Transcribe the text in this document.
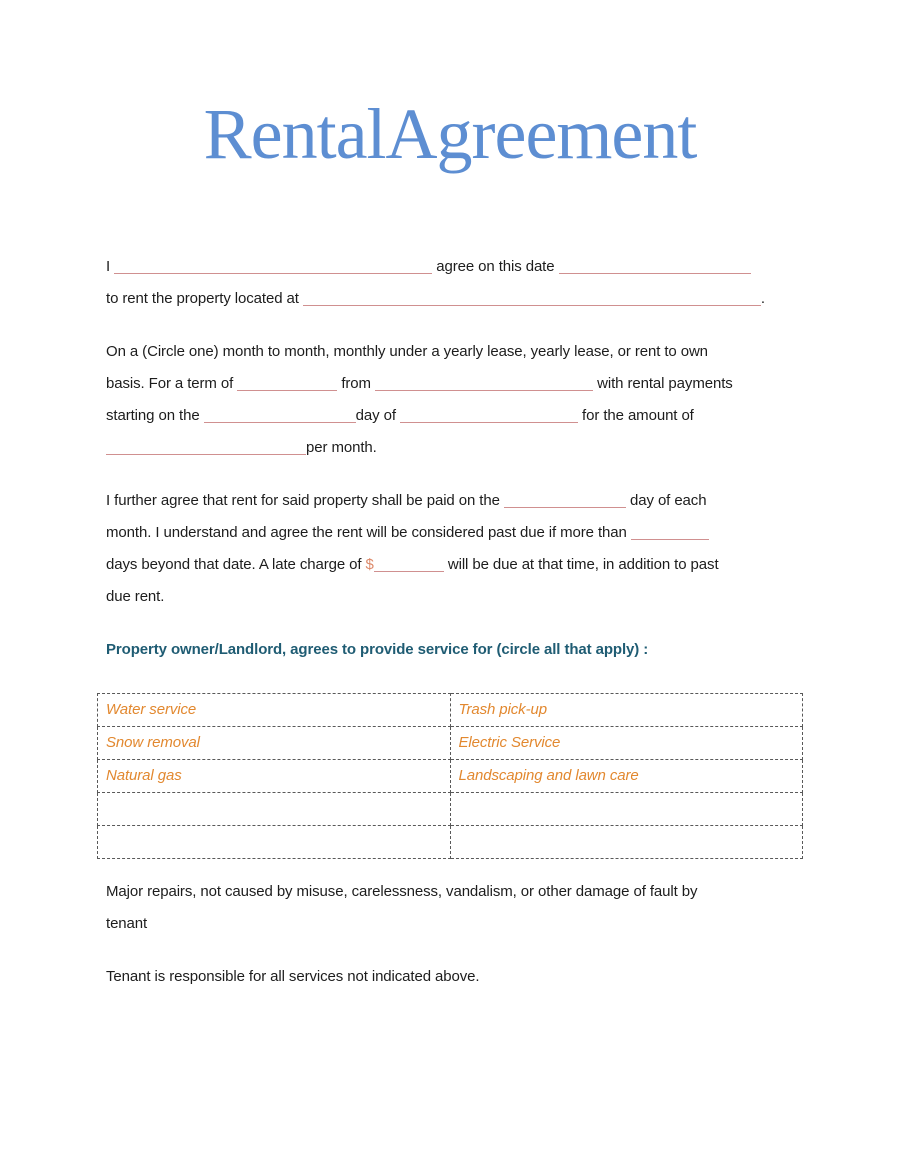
RentalAgreement
I	agree on this date
to rent the property located at	.
On a (Circle one) month to month, monthly under a yearly lease, yearly lease, or rent to own
basis. For a term of	from	with rental payments
starting on the	day of	for the amount of
per month.
I further agree that rent for said property shall be paid on the	day of each
month. I understand and agree the rent will be considered past due if more than
days beyond that date. A late charge of $	will be due at that time, in addition to past
due rent.
Property owner/Landlord, agrees to provide service for (circle all that apply) :
Water service	Trash pick-up
Snow removal	Electric Service
Natural gas	Landscaping and lawn care

Major repairs, not caused by misuse, carelessness, vandalism, or other damage of fault by
tenant
Tenant is responsible for all services not indicated above.
